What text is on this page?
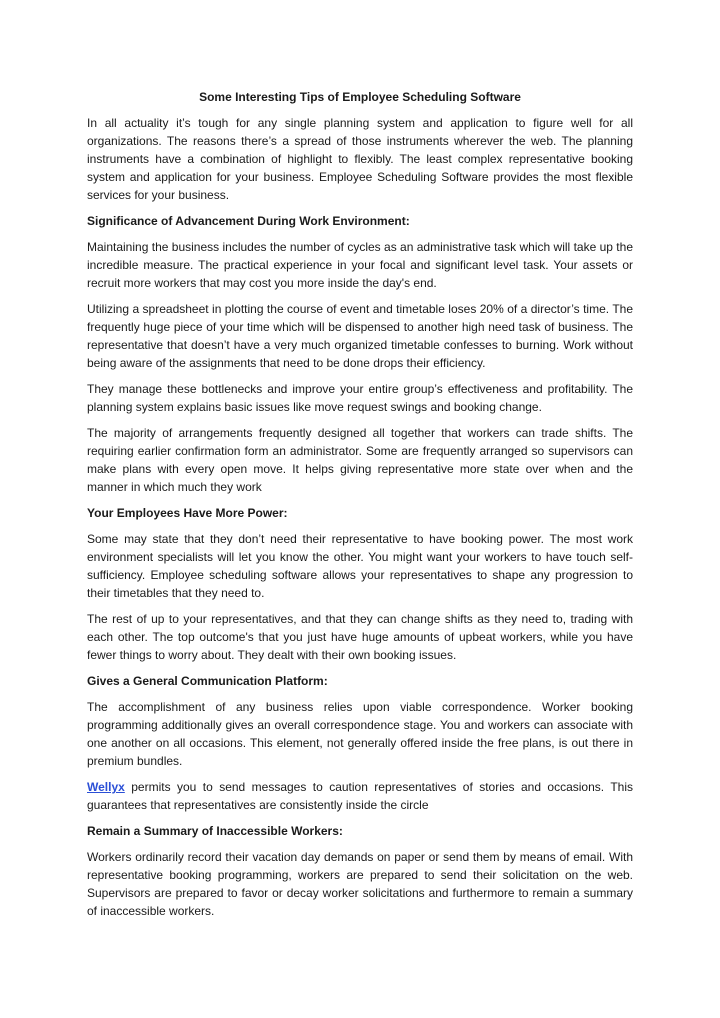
Some Interesting Tips of Employee Scheduling Software

In all actuality it’s tough for any single planning system and application to figure well for all organizations. The reasons there’s a spread of those instruments wherever the web. The planning instruments have a combination of highlight to flexibly. The least complex representative booking system and application for your business. Employee Scheduling Software provides the most flexible services for your business.

Significance of Advancement During Work Environment:

Maintaining the business includes the number of cycles as an administrative task which will take up the incredible measure. The practical experience in your focal and significant level task. Your assets or recruit more workers that may cost you more inside the day's end.

Utilizing a spreadsheet in plotting the course of event and timetable loses 20% of a director’s time. The frequently huge piece of your time which will be dispensed to another high need task of business. The representative that doesn’t have a very much organized timetable confesses to burning. Work without being aware of the assignments that need to be done drops their efficiency.

They manage these bottlenecks and improve your entire group’s effectiveness and profitability. The planning system explains basic issues like move request swings and booking change.

The majority of arrangements frequently designed all together that workers can trade shifts. The requiring earlier confirmation form an administrator. Some are frequently arranged so supervisors can make plans with every open move. It helps giving representative more state over when and the manner in which much they work

Your Employees Have More Power:

Some may state that they don’t need their representative to have booking power. The most work environment specialists will let you know the other. You might want your workers to have touch self-sufficiency. Employee scheduling software allows your representatives to shape any progression to their timetables that they need to.

The rest of up to your representatives, and that they can change shifts as they need to, trading with each other. The top outcome's that you just have huge amounts of upbeat workers, while you have fewer things to worry about. They dealt with their own booking issues.

Gives a General Communication Platform:

The accomplishment of any business relies upon viable correspondence. Worker booking programming additionally gives an overall correspondence stage. You and workers can associate with one another on all occasions. This element, not generally offered inside the free plans, is out there in premium bundles.

Wellyx permits you to send messages to caution representatives of stories and occasions. This guarantees that representatives are consistently inside the circle

Remain a Summary of Inaccessible Workers:

Workers ordinarily record their vacation day demands on paper or send them by means of email. With representative booking programming, workers are prepared to send their solicitation on the web. Supervisors are prepared to favor or decay worker solicitations and furthermore to remain a summary of inaccessible workers.
